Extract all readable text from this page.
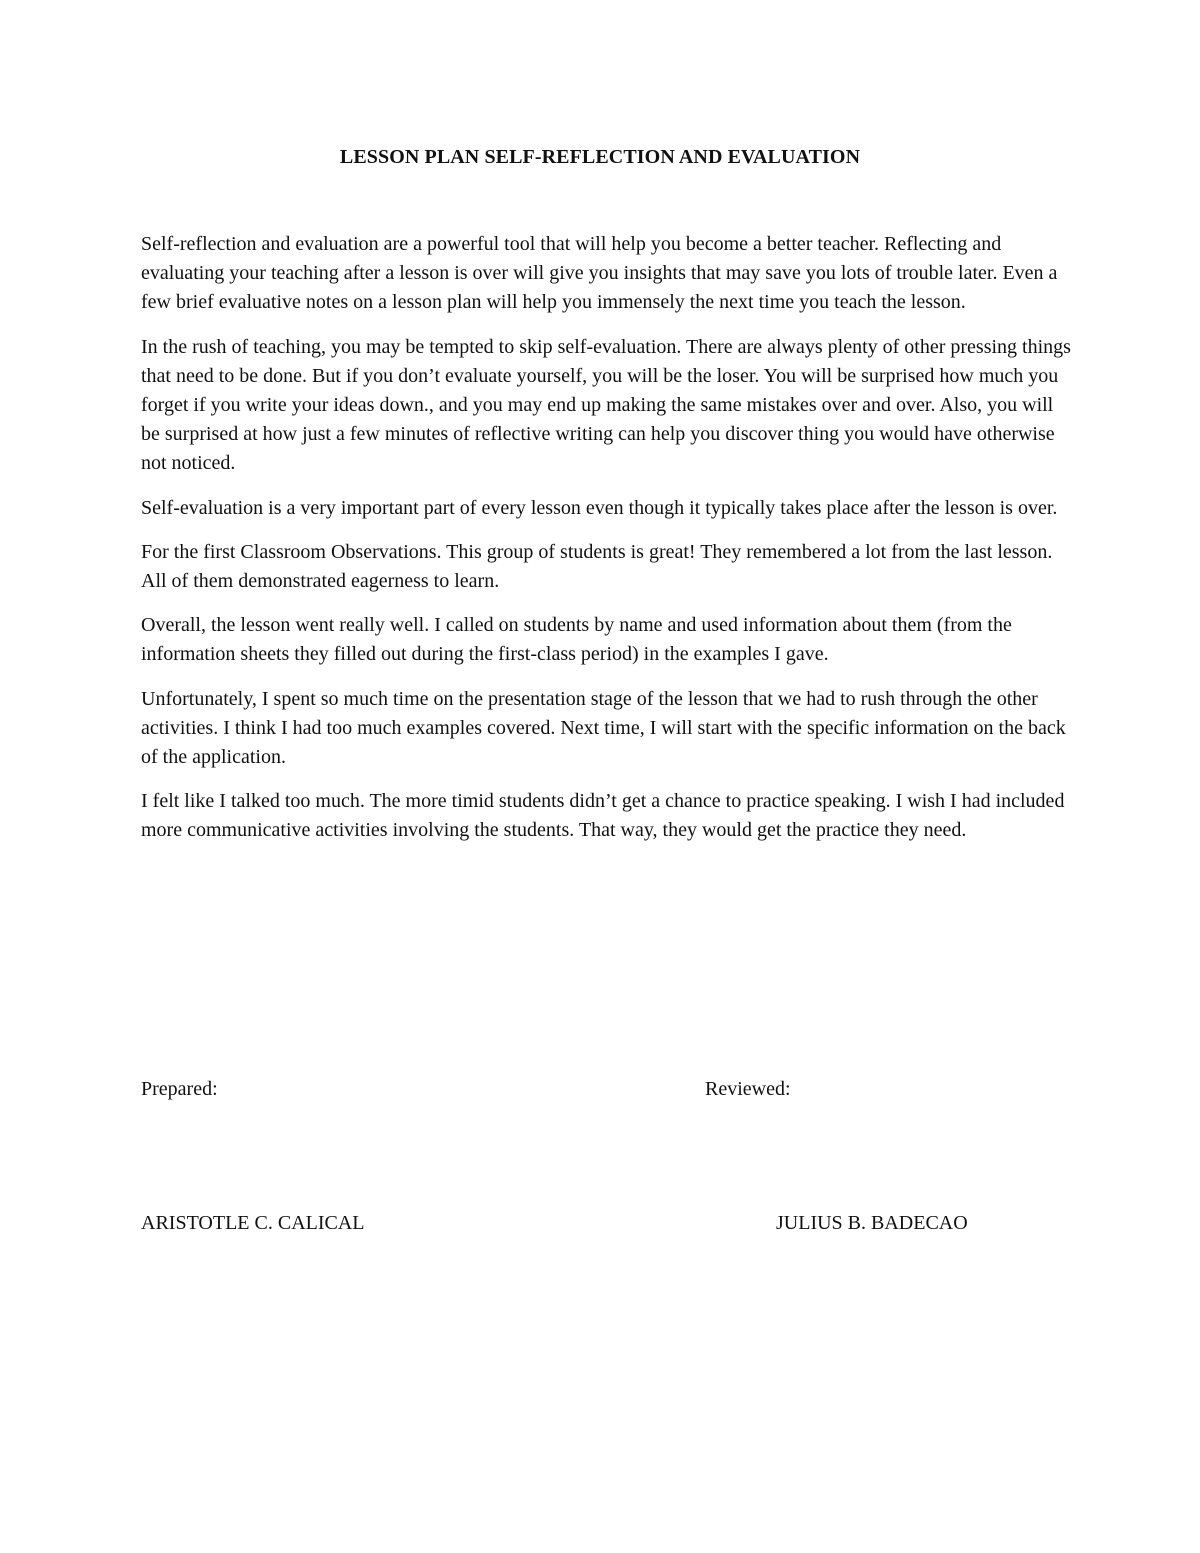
LESSON PLAN SELF-REFLECTION AND EVALUATION

Self-reflection and evaluation are a powerful tool that will help you become a better teacher. Reflecting and evaluating your teaching after a lesson is over will give you insights that may save you lots of trouble later. Even a few brief evaluative notes on a lesson plan will help you immensely the next time you teach the lesson.

In the rush of teaching, you may be tempted to skip self-evaluation. There are always plenty of other pressing things that need to be done. But if you don’t evaluate yourself, you will be the loser. You will be surprised how much you forget if you write your ideas down., and you may end up making the same mistakes over and over. Also, you will be surprised at how just a few minutes of reflective writing can help you discover thing you would have otherwise not noticed.

Self-evaluation is a very important part of every lesson even though it typically takes place after the lesson is over.

For the first Classroom Observations. This group of students is great! They remembered a lot from the last lesson. All of them demonstrated eagerness to learn.

Overall, the lesson went really well. I called on students by name and used information about them (from the information sheets they filled out during the first-class period) in the examples I gave.

Unfortunately, I spent so much time on the presentation stage of the lesson that we had to rush through the other activities. I think I had too much examples covered. Next time, I will start with the specific information on the back of the application.

I felt like I talked too much. The more timid students didn’t get a chance to practice speaking. I wish I had included more communicative activities involving the students. That way, they would get the practice they need.

Prepared:	Reviewed:
ARISTOTLE C. CALICAL	JULIUS B. BADECAO
